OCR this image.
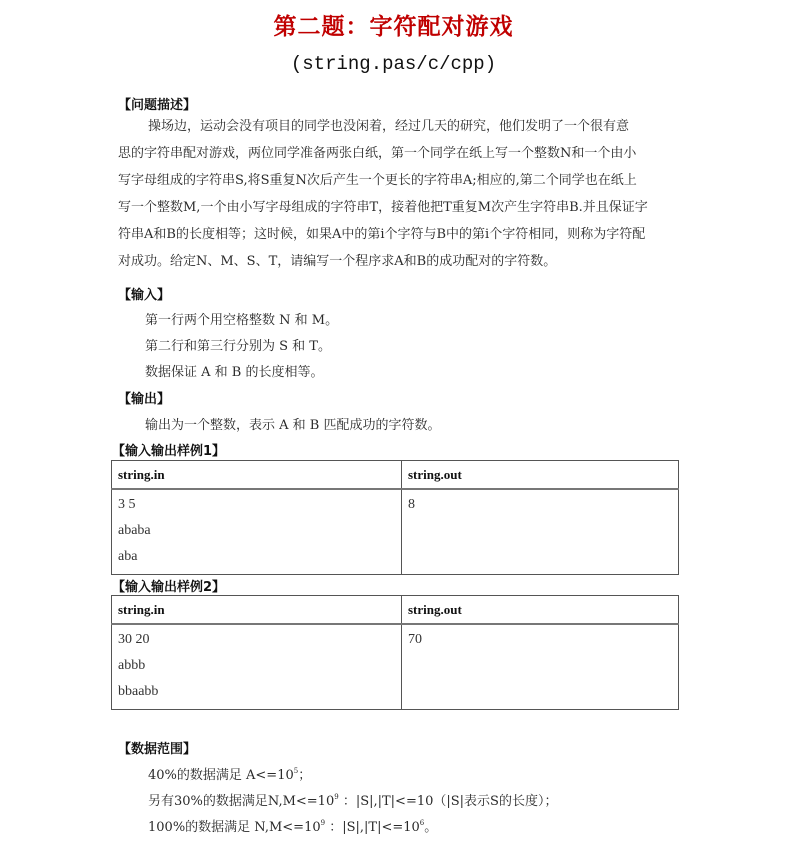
第二题：字符配对游戏
(string.pas/c/cpp)
【问题描述】
操场边，运动会没有项目的同学也没闲着，经过几天的研究，他们发明了一个很有意
思的字符串配对游戏，两位同学准备两张白纸，第一个同学在纸上写一个整数N和一个由小
写字母组成的字符串S,将S重复N次后产生一个更长的字符串A;相应的,第二个同学也在纸上
写一个整数M,一个由小写字母组成的字符串T，接着他把T重复M次产生字符串B.并且保证字
符串A和B的长度相等；这时候，如果A中的第i个字符与B中的第i个字符相同，则称为字符配
对成功。给定N、M、S、T，请编写一个程序求A和B的成功配对的字符数。
【输入】
第一行两个用空格整数 N 和 M。
第二行和第三行分别为 S 和 T。
数据保证 A 和 B 的长度相等。
【输出】
输出为一个整数，表示 A 和 B 匹配成功的字符数。
【输入输出样例1】
string.in	string.out

3 5
ababa
aba	8
【输入输出样例2】
string.in	string.out

30 20
abbb
bbaabb	70
【数据范围】
40%的数据满足 $A<=10^5$；
另有30%的数据满足$N,M<=10^9$ ：|S|,|T|<=10（|S|表示S的长度）；
100%的数据满足 $N,M<=10^9$ ：$|S|,|T|<=10^6$。
